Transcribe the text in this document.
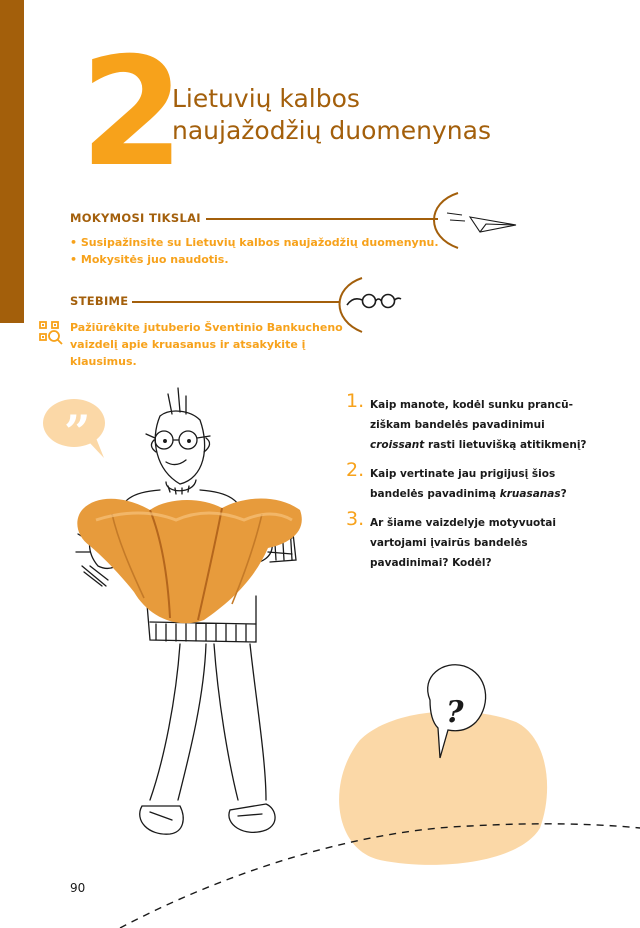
2
Lietuvių kalbos
naujažodžių duomenynas
MOKYMOSI TIKSLAI
• Susipažinsite su Lietuvių kalbos naujažodžių duomenynu.
• Mokysitės juo naudotis.
STEBIME

Pažiūrėkite jutuberio Šventinio Bankucheno
vaizdelį apie kruasanus ir atsakykite į klausimus.

”
?
1. Kaip manote, kodėl sunku prancū-
ziškam bandelės pavadinimui
croissant rasti lietuvišką atitikmenį?
2. Kaip vertinate jau prigijusį šios
bandelės pavadinimą kruasanas?
3. Ar šiame vaizdelyje motyvuotai
vartojami įvairūs bandelės
pavadinimai? Kodėl?
90
